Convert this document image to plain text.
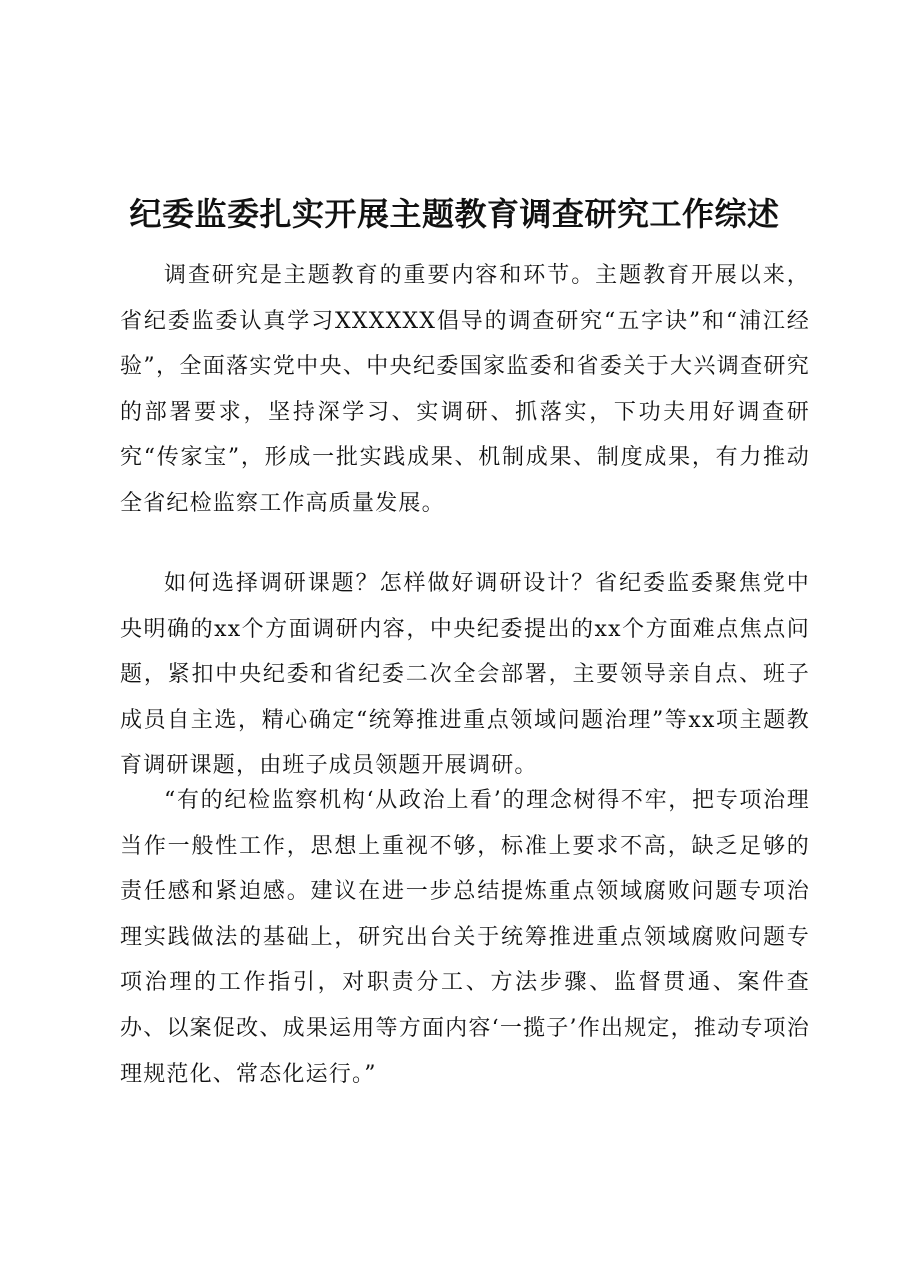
纪委监委扎实开展主题教育调查研究工作综述

调查研究是主题教育的重要内容和环节。主题教育开展以来，省纪委监委认真学习XXXXXX倡导的调查研究“五字诀”和“浦江经验”，全面落实党中央、中央纪委国家监委和省委关于大兴调查研究的部署要求，坚持深学习、实调研、抓落实，下功夫用好调查研究“传家宝”，形成一批实践成果、机制成果、制度成果，有力推动全省纪检监察工作高质量发展。

如何选择调研课题？怎样做好调研设计？省纪委监委聚焦党中央明确的xx个方面调研内容，中央纪委提出的xx个方面难点焦点问题，紧扣中央纪委和省纪委二次全会部署，主要领导亲自点、班子成员自主选，精心确定“统筹推进重点领域问题治理”等xx项主题教育调研课题，由班子成员领题开展调研。

“有的纪检监察机构‘从政治上看’的理念树得不牢，把专项治理当作一般性工作，思想上重视不够，标准上要求不高，缺乏足够的责任感和紧迫感。建议在进一步总结提炼重点领域腐败问题专项治理实践做法的基础上，研究出台关于统筹推进重点领域腐败问题专项治理的工作指引，对职责分工、方法步骤、监督贯通、案件查办、以案促改、成果运用等方面内容‘一揽子’作出规定，推动专项治理规范化、常态化运行。”
